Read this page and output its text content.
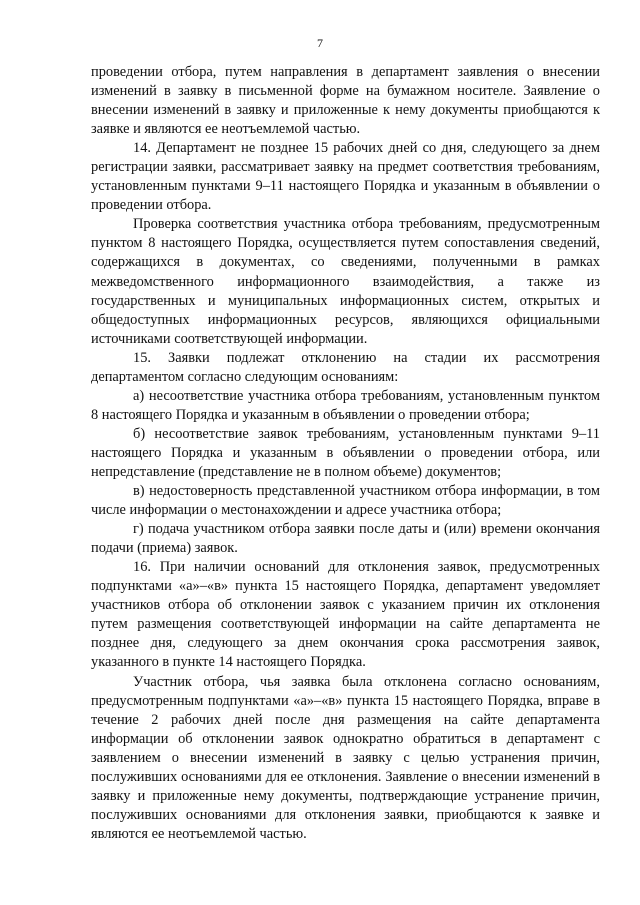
7

проведении отбора, путем направления в департамент заявления о внесении изменений в заявку в письменной форме на бумажном носителе. Заявление о внесении изменений в заявку и приложенные к нему документы приобщаются к заявке и являются ее неотъемлемой частью.

14. Департамент не позднее 15 рабочих дней со дня, следующего за днем регистрации заявки, рассматривает заявку на предмет соответствия требованиям, установленным пунктами 9–11 настоящего Порядка и указанным в объявлении о проведении отбора.

Проверка соответствия участника отбора требованиям, предусмотренным пунктом 8 настоящего Порядка, осуществляется путем сопоставления сведений, содержащихся в документах, со сведениями, полученными в рамках межведомственного информационного взаимодействия, а также из государственных и муниципальных информационных систем, открытых и общедоступных информационных ресурсов, являющихся официальными источниками соответствующей информации.

15. Заявки подлежат отклонению на стадии их рассмотрения департаментом согласно следующим основаниям:

а) несоответствие участника отбора требованиям, установленным пунктом 8 настоящего Порядка и указанным в объявлении о проведении отбора;

б) несоответствие заявок требованиям, установленным пунктами 9–11 настоящего Порядка и указанным в объявлении о проведении отбора, или непредставление (представление не в полном объеме) документов;

в) недостоверность представленной участником отбора информации, в том числе информации о местонахождении и адресе участника отбора;

г) подача участником отбора заявки после даты и (или) времени окончания подачи (приема) заявок.

16. При наличии оснований для отклонения заявок, предусмотренных подпунктами «а»–«в» пункта 15 настоящего Порядка, департамент уведомляет участников отбора об отклонении заявок с указанием причин их отклонения путем размещения соответствующей информации на сайте департамента не позднее дня, следующего за днем окончания срока рассмотрения заявок, указанного в пункте 14 настоящего Порядка.

Участник отбора, чья заявка была отклонена согласно основаниям, предусмотренным подпунктами «а»–«в» пункта 15 настоящего Порядка, вправе в течение 2 рабочих дней после дня размещения на сайте департамента информации об отклонении заявок однократно обратиться в департамент с заявлением о внесении изменений в заявку с целью устранения причин, послуживших основаниями для ее отклонения. Заявление о внесении изменений в заявку и приложенные нему документы, подтверждающие устранение причин, послуживших основаниями для отклонения заявки, приобщаются к заявке и являются ее неотъемлемой частью.
